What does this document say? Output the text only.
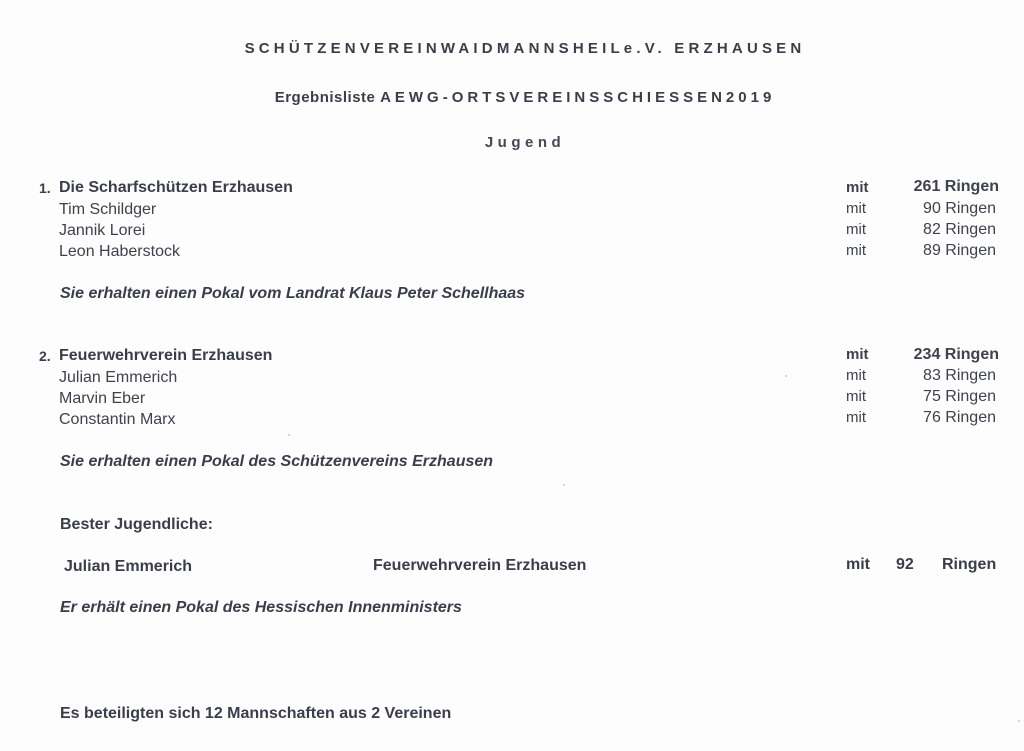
SCHÜTZENVEREINWAIDMANNSHEILe.V. ERZHAUSEN
Ergebnisliste AEWG-ORTSVEREINSSCHIESSEN2019
Jugend
1. Die Scharfschützen Erzhausen	mit	261 Ringen
Tim Schildger	mit	90 Ringen
Jannik Lorei	mit	82 Ringen
Leon Haberstock	mit	89 Ringen
Sie erhalten einen Pokal vom Landrat Klaus Peter Schellhaas
2. Feuerwehrverein Erzhausen	mit	234 Ringen
Julian Emmerich	mit	83 Ringen
Marvin Eber	mit	75 Ringen
Constantin Marx	mit	76 Ringen
Sie erhalten einen Pokal des Schützenvereins Erzhausen
Bester Jugendliche:
Julian Emmerich	Feuerwehrverein Erzhausen	mit 92 Ringen
Er erhält einen Pokal des Hessischen Innenministers
Es beteiligten sich 12 Mannschaften aus 2 Vereinen
